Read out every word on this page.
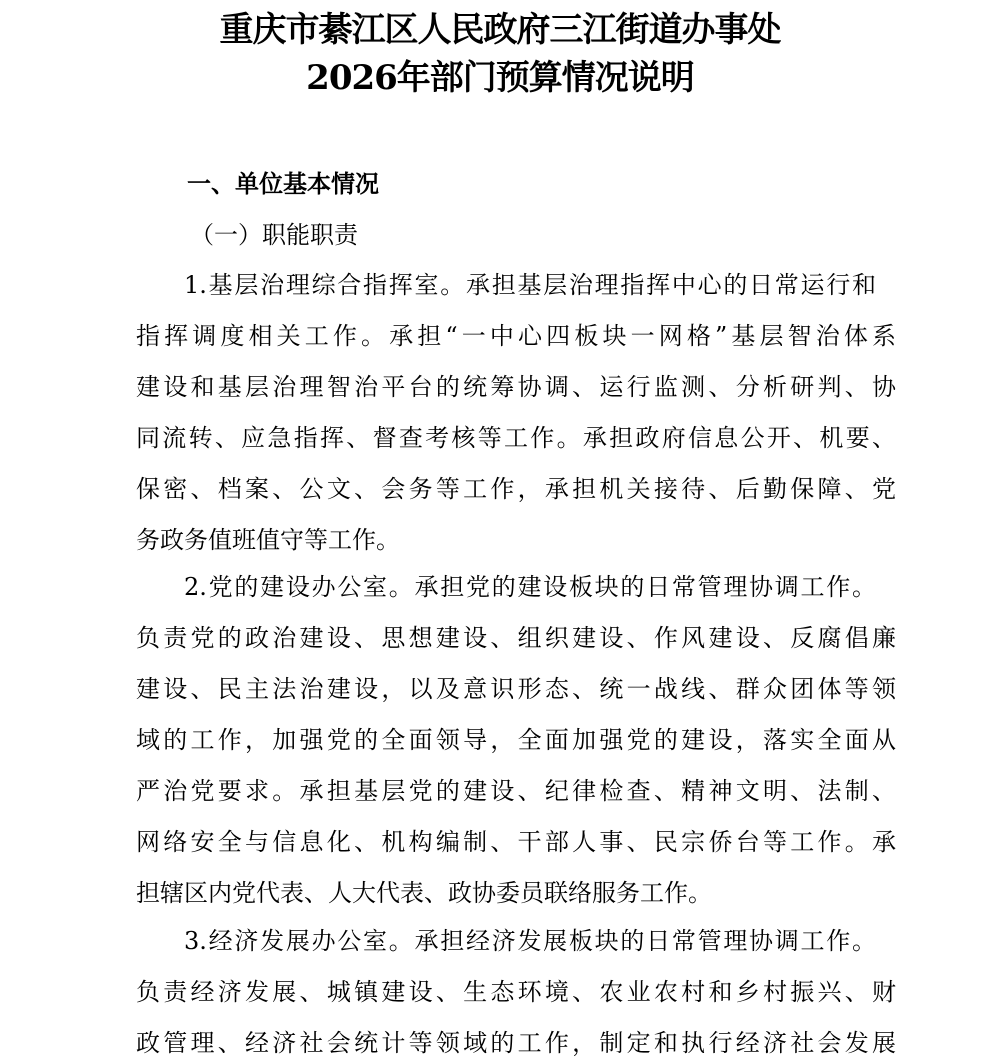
重庆市綦江区人民政府三江街道办事处
2026年部门预算情况说明
一、单位基本情况
（一）职能职责
1.基层治理综合指挥室。承担基层治理指挥中心的日常运行和
指挥调度相关工作。承担“一中心四板块一网格”基层智治体系
建设和基层治理智治平台的统筹协调、运行监测、分析研判、协
同流转、应急指挥、督查考核等工作。承担政府信息公开、机要、
保密、档案、公文、会务等工作，承担机关接待、后勤保障、党
务政务值班值守等工作。
2.党的建设办公室。承担党的建设板块的日常管理协调工作。
负责党的政治建设、思想建设、组织建设、作风建设、反腐倡廉
建设、民主法治建设，以及意识形态、统一战线、群众团体等领
域的工作，加强党的全面领导，全面加强党的建设，落实全面从
严治党要求。承担基层党的建设、纪律检查、精神文明、法制、
网络安全与信息化、机构编制、干部人事、民宗侨台等工作。承
担辖区内党代表、人大代表、政协委员联络服务工作。
3.经济发展办公室。承担经济发展板块的日常管理协调工作。
负责经济发展、城镇建设、生态环境、农业农村和乡村振兴、财
政管理、经济社会统计等领域的工作，制定和执行经济社会发展
